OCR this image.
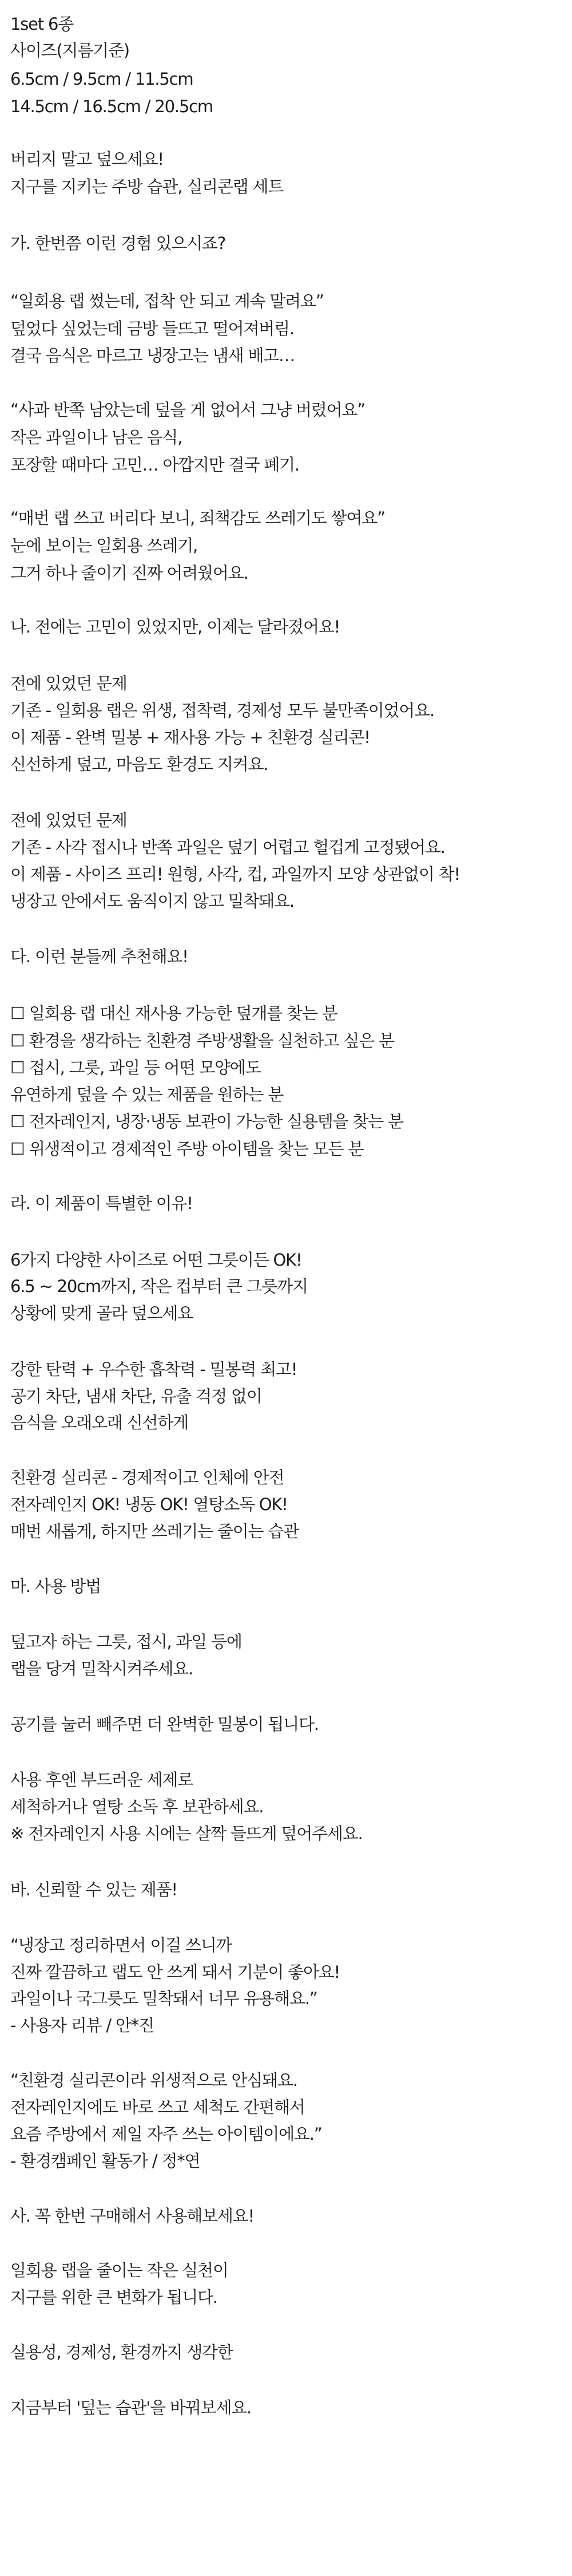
1set 6종

사이즈(지름기준)

6.5cm / 9.5cm / 11.5cm

14.5cm / 16.5cm / 20.5cm

버리지 말고 덮으세요!

지구를 지키는 주방 습관, 실리콘랩 세트

가. 한번쯤 이런 경험 있으시죠?

“일회용 랩 썼는데, 접착 안 되고 계속 말려요”

덮었다 싶었는데 금방 들뜨고 떨어져버림.

결국 음식은 마르고 냉장고는 냄새 배고…

“사과 반쪽 남았는데 덮을 게 없어서 그냥 버렸어요”

작은 과일이나 남은 음식,

포장할 때마다 고민… 아깝지만 결국 폐기.

“매번 랩 쓰고 버리다 보니, 죄책감도 쓰레기도 쌓여요”

눈에 보이는 일회용 쓰레기,

그거 하나 줄이기 진짜 어려웠어요.

나. 전에는 고민이 있었지만, 이제는 달라졌어요!

전에 있었던 문제

기존 - 일회용 랩은 위생, 접착력, 경제성 모두 불만족이었어요.

이 제품 - 완벽 밀봉 + 재사용 가능 + 친환경 실리콘!

신선하게 덮고, 마음도 환경도 지켜요.

전에 있었던 문제

기존 - 사각 접시나 반쪽 과일은 덮기 어렵고 헐겁게 고정됐어요.

이 제품 - 사이즈 프리! 원형, 사각, 컵, 과일까지 모양 상관없이 착!

냉장고 안에서도 움직이지 않고 밀착돼요.

다. 이런 분들께 추천해요!

☐ 일회용 랩 대신 재사용 가능한 덮개를 찾는 분

☐ 환경을 생각하는 친환경 주방생활을 실천하고 싶은 분

☐ 접시, 그릇, 과일 등 어떤 모양에도

유연하게 덮을 수 있는 제품을 원하는 분

☐ 전자레인지, 냉장·냉동 보관이 가능한 실용템을 찾는 분

☐ 위생적이고 경제적인 주방 아이템을 찾는 모든 분

라. 이 제품이 특별한 이유!

6가지 다양한 사이즈로 어떤 그릇이든 OK!

6.5 ~ 20cm까지, 작은 컵부터 큰 그릇까지

상황에 맞게 골라 덮으세요

강한 탄력 + 우수한 흡착력 - 밀봉력 최고!

공기 차단, 냄새 차단, 유출 걱정 없이

음식을 오래오래 신선하게

친환경 실리콘 - 경제적이고 인체에 안전

전자레인지 OK! 냉동 OK! 열탕소독 OK!

매번 새롭게, 하지만 쓰레기는 줄이는 습관

마. 사용 방법

덮고자 하는 그릇, 접시, 과일 등에

랩을 당겨 밀착시켜주세요.

공기를 눌러 빼주면 더 완벽한 밀봉이 됩니다.

사용 후엔 부드러운 세제로

세척하거나 열탕 소독 후 보관하세요.

※ 전자레인지 사용 시에는 살짝 들뜨게 덮어주세요.

바. 신뢰할 수 있는 제품!

“냉장고 정리하면서 이걸 쓰니까

진짜 깔끔하고 랩도 안 쓰게 돼서 기분이 좋아요!

과일이나 국그릇도 밀착돼서 너무 유용해요.”

- 사용자 리뷰 / 안*진

“친환경 실리콘이라 위생적으로 안심돼요.

전자레인지에도 바로 쓰고 세척도 간편해서

요즘 주방에서 제일 자주 쓰는 아이템이에요.”

- 환경캠페인 활동가 / 정*연

사. 꼭 한번 구매해서 사용해보세요!

일회용 랩을 줄이는 작은 실천이

지구를 위한 큰 변화가 됩니다.

실용성, 경제성, 환경까지 생각한

지금부터 '덮는 습관'을 바꿔보세요.
